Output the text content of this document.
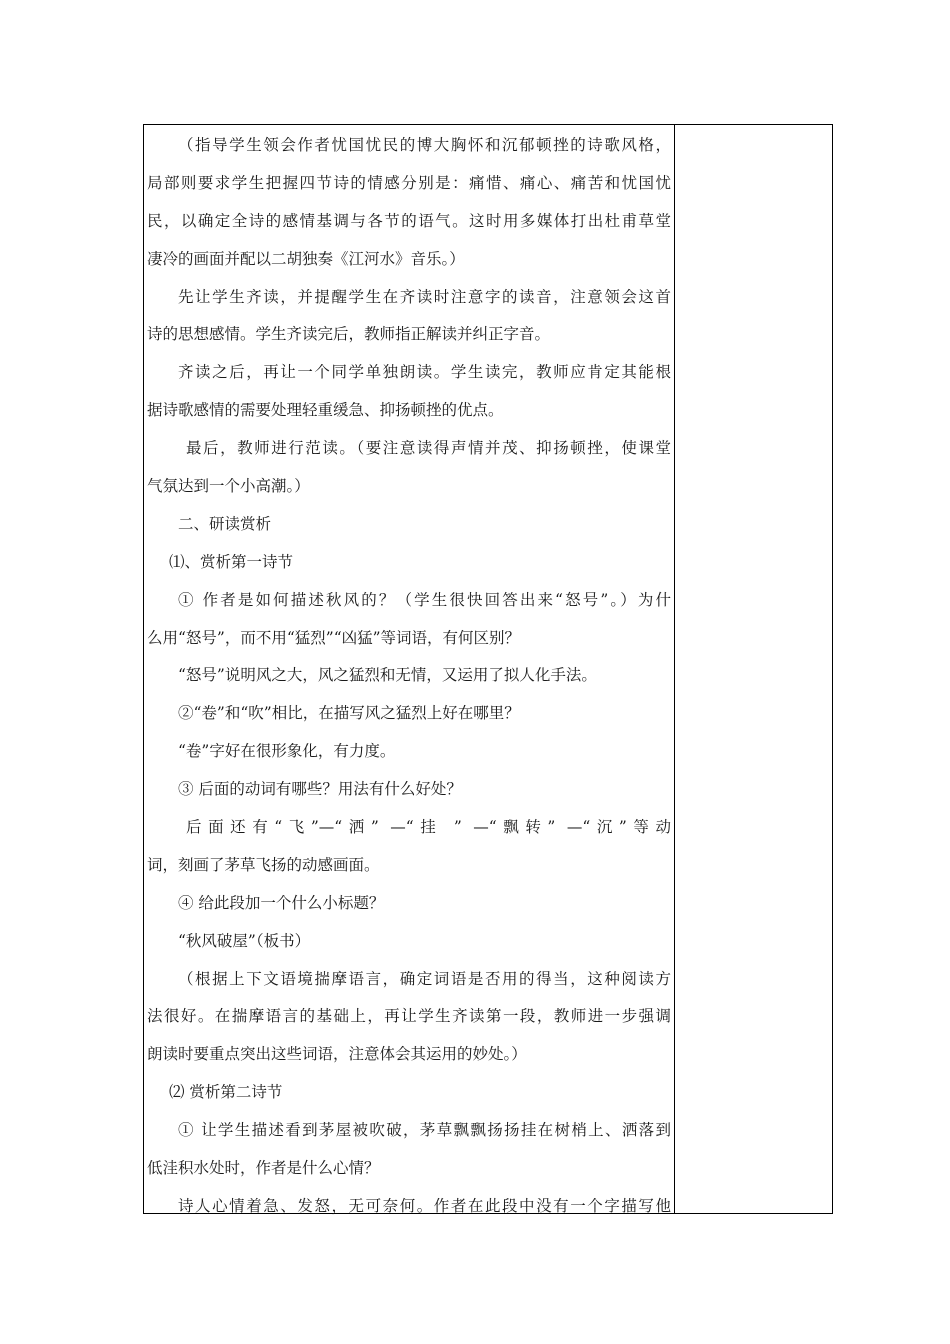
（指导学生领会作者忧国忧民的博大胸怀和沉郁顿挫的诗歌风格，
局部则要求学生把握四节诗的情感分别是：痛惜、痛心、痛苦和忧国忧
民，以确定全诗的感情基调与各节的语气。这时用多媒体打出杜甫草堂
凄冷的画面并配以二胡独奏《江河水》音乐。）
先让学生齐读，并提醒学生在齐读时注意字的读音，注意领会这首
诗的思想感情。学生齐读完后，教师指正解读并纠正字音。
齐读之后，再让一个同学单独朗读。学生读完，教师应肯定其能根
据诗歌感情的需要处理轻重缓急、抑扬顿挫的优点。
最后，教师进行范读。（要注意读得声情并茂、抑扬顿挫，使课堂
气氛达到一个小高潮。）
二、研读赏析
⑴、赏析第一诗节
① 作者是如何描述秋风的？（学生很快回答出来“怒号”。）为什
么用“怒号”，而不用“猛烈”“凶猛”等词语，有何区别？
“怒号”说明风之大，风之猛烈和无情，又运用了拟人化手法。
②“卷”和“吹”相比，在描写风之猛烈上好在哪里？
“卷”字好在很形象化，有力度。
③ 后面的动词有哪些？用法有什么好处？
后面还有“飞”—“洒” —“挂 ” —“飘转” —“沉”等动
词，刻画了茅草飞扬的动感画面。
④ 给此段加一个什么小标题？
“秋风破屋”（板书）
（根据上下文语境揣摩语言，确定词语是否用的得当，这种阅读方
法很好。在揣摩语言的基础上，再让学生齐读第一段，教师进一步强调
朗读时要重点突出这些词语，注意体会其运用的妙处。）
⑵ 赏析第二诗节
① 让学生描述看到茅屋被吹破，茅草飘飘扬扬挂在树梢上、洒落到
低洼积水处时，作者是什么心情？
诗人心情着急、发怒，无可奈何。作者在此段中没有一个字描写他
